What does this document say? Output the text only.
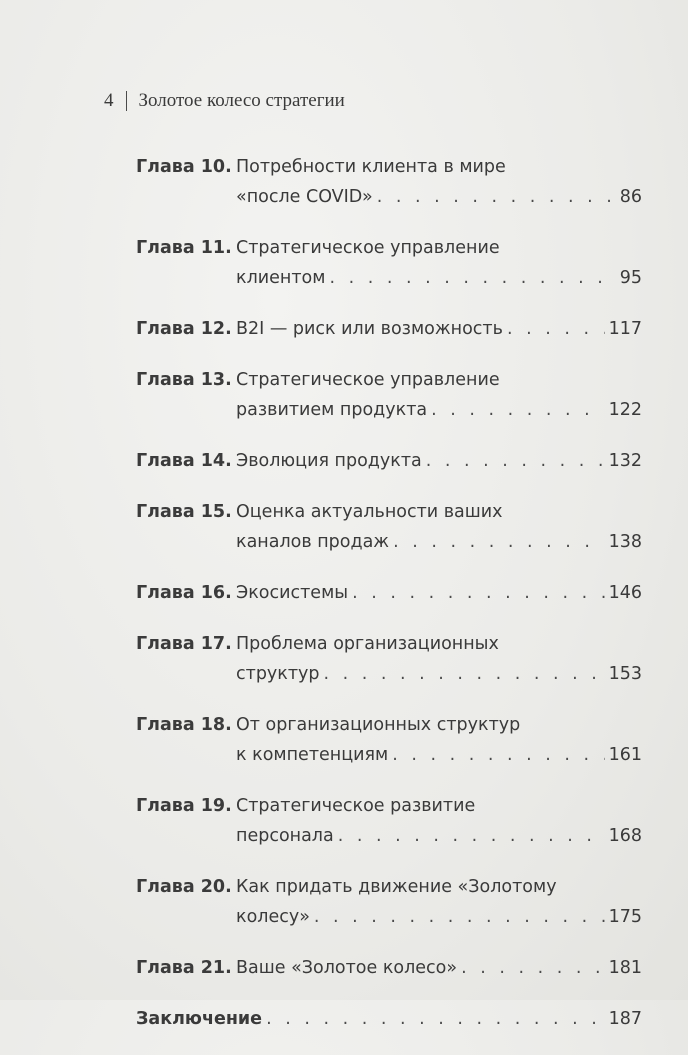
4 Золотое колесо стратегии
Глава 10. Потребности клиента в мире
«после COVID» . . .	86
Глава 11. Стратегическое управление
клиентом . . .	95
Глава 12. B2I — риск или возможность . . .	117
Глава 13. Стратегическое управление
развитием продукта . . .	122
Глава 14. Эволюция продукта . . .	132
Глава 15. Оценка актуальности ваших
каналов продаж . . .	138
Глава 16. Экосистемы . . .	146
Глава 17. Проблема организационных
структур . . .	153
Глава 18. От организационных структур
к компетенциям . . .	161
Глава 19. Стратегическое развитие
персонала . . .	168
Глава 20. Как придать движение «Золотому
колесу» . . .	175
Глава 21. Ваше «Золотое колесо» . . .	181
Заключение . . .	187
